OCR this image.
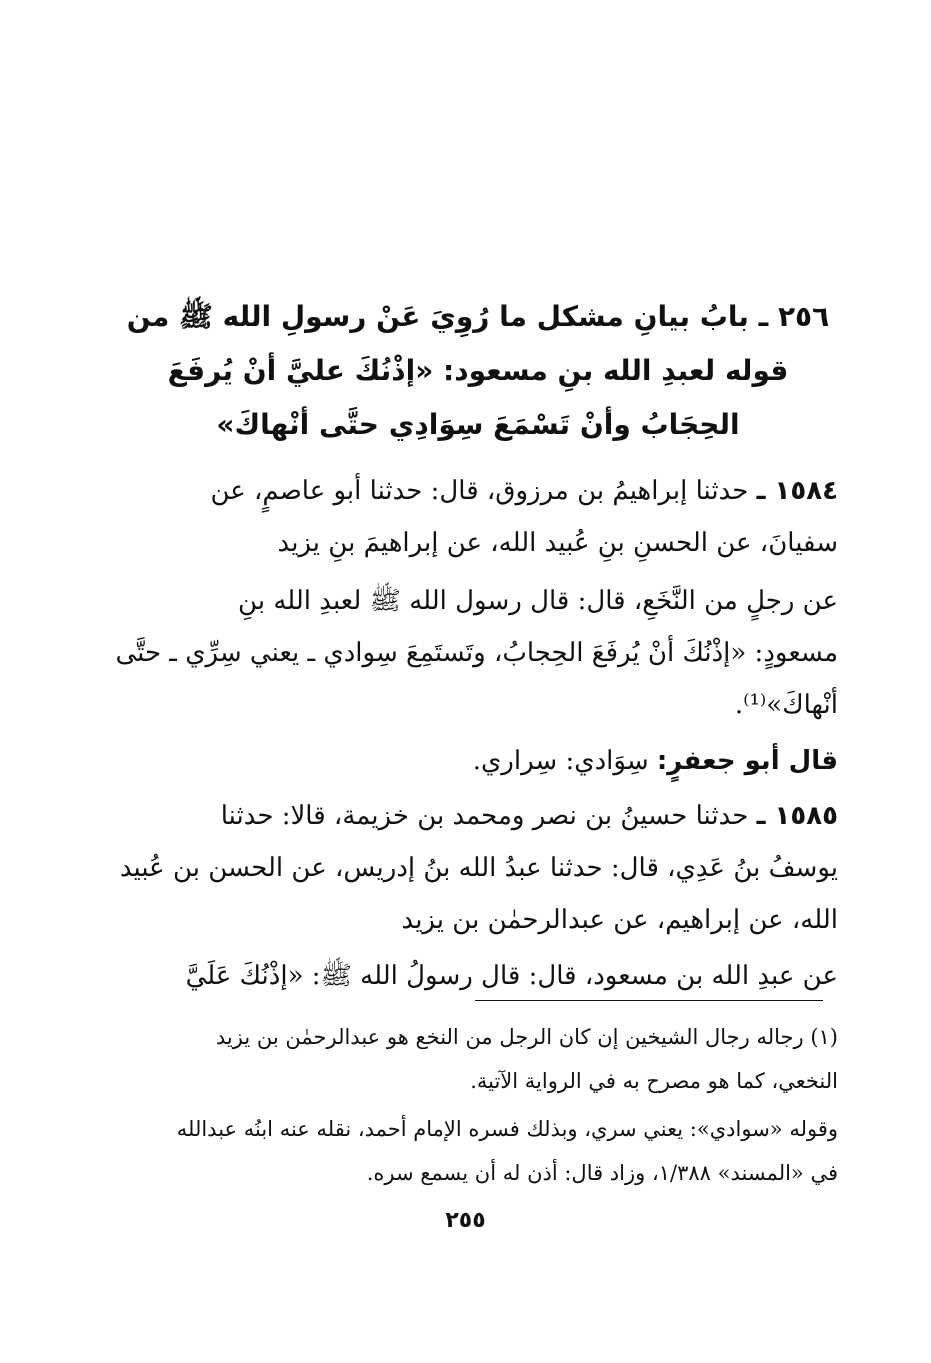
٢٥٦ ـ بابُ بيانِ مشكل ما رُوِيَ عَنْ رسولِ الله ﷺ من
قوله لعبدِ الله بنِ مسعود: «إذْنُكَ عليَّ أنْ يُرفَعَ
الحِجَابُ وأنْ تَسْمَعَ سِوَادِي حتَّى أنْهاكَ»
١٥٨٤ ـ حدثنا إبراهيمُ بن مرزوق، قال: حدثنا أبو عاصمٍ، عن
سفيانَ، عن الحسنِ بنِ عُبيد الله، عن إبراهيمَ بنِ يزيد
عن رجلٍ من النَّخَعِ، قال: قال رسول الله ﷺ لعبدِ الله بنِ
مسعودٍ: «إذْنُكَ أنْ يُرفَعَ الحِجابُ، وتَستَمِعَ سِوادي ـ يعني سِرِّي ـ حتَّى
أنْهاكَ»⁽¹⁾.
قال أبو جعفرٍ: سِوَادي: سِراري.
١٥٨٥ ـ حدثنا حسينُ بن نصر ومحمد بن خزيمة، قالا: حدثنا
يوسفُ بنُ عَدِي، قال: حدثنا عبدُ الله بنُ إدريس، عن الحسن بن عُبيد
الله، عن إبراهيم، عن عبدالرحمٰن بن يزيد
عن عبدِ الله بن مسعود، قال: قال رسولُ الله ﷺ: «إذْنُكَ عَلَيَّ
(١) رجاله رجال الشيخين إن كان الرجل من النخع هو عبدالرحمٰن بن يزيد
النخعي، كما هو مصرح به في الرواية الآتية.
وقوله «سوادي»: يعني سري، وبذلك فسره الإمام أحمد، نقله عنه ابنُه عبدالله
في «المسند» ١/٣٨٨، وزاد قال: أذن له أن يسمع سره.
٢٥٥
